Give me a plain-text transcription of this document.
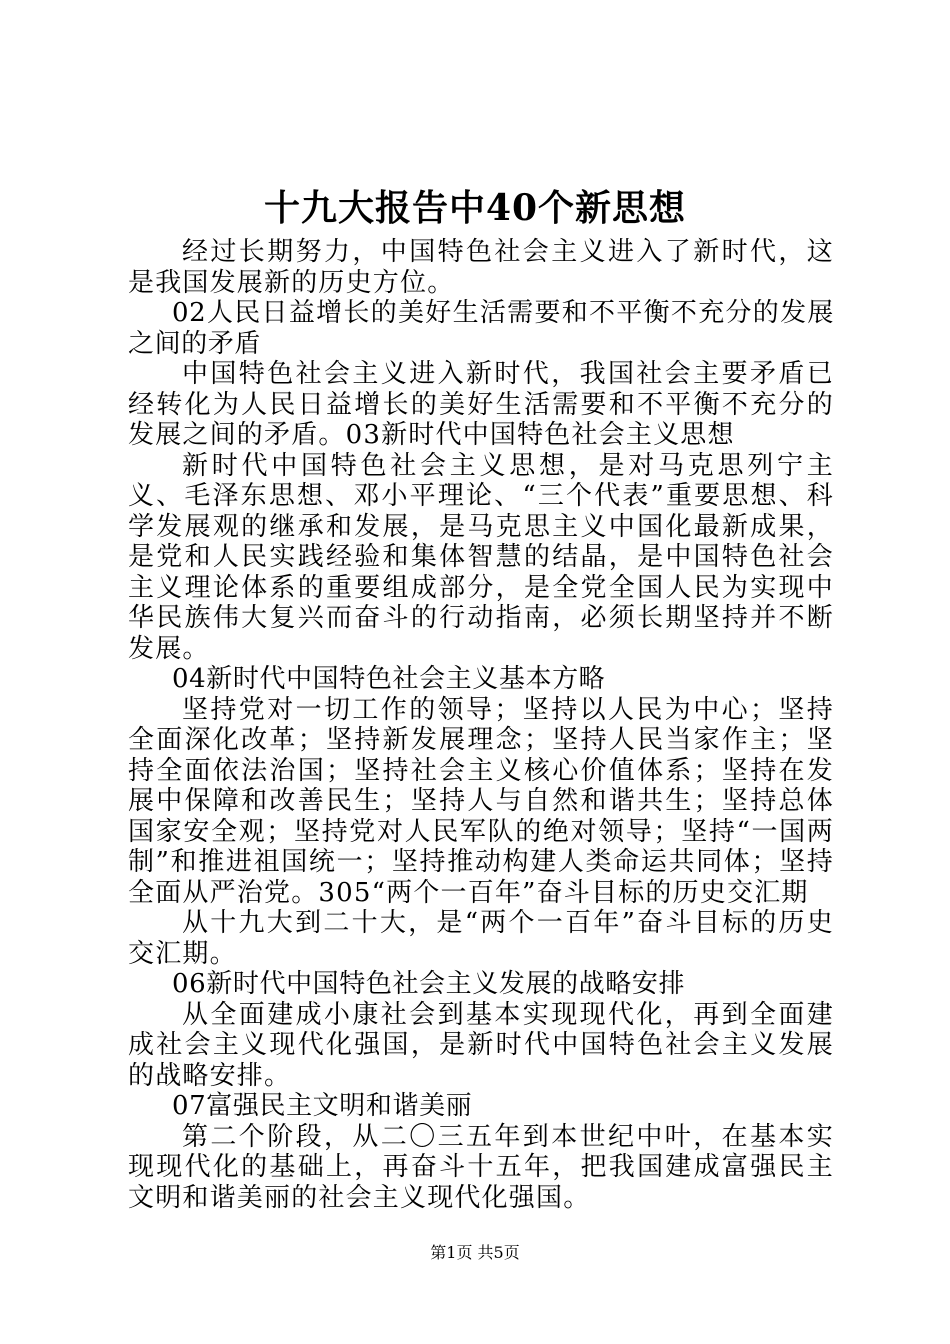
十九大报告中40个新思想

经过长期努力，中国特色社会主义进入了新时代，这是我国发展新的历史方位。

02人民日益增长的美好生活需要和不平衡不充分的发展之间的矛盾

中国特色社会主义进入新时代，我国社会主要矛盾已经转化为人民日益增长的美好生活需要和不平衡不充分的发展之间的矛盾。03新时代中国特色社会主义思想

新时代中国特色社会主义思想，是对马克思列宁主义、毛泽东思想、邓小平理论、“三个代表”重要思想、科学发展观的继承和发展，是马克思主义中国化最新成果，是党和人民实践经验和集体智慧的结晶，是中国特色社会主义理论体系的重要组成部分，是全党全国人民为实现中华民族伟大复兴而奋斗的行动指南，必须长期坚持并不断发展。

04新时代中国特色社会主义基本方略

坚持党对一切工作的领导；坚持以人民为中心；坚持全面深化改革；坚持新发展理念；坚持人民当家作主；坚持全面依法治国；坚持社会主义核心价值体系；坚持在发展中保障和改善民生；坚持人与自然和谐共生；坚持总体国家安全观；坚持党对人民军队的绝对领导；坚持“一国两制”和推进祖国统一；坚持推动构建人类命运共同体；坚持全面从严治党。305“两个一百年”奋斗目标的历史交汇期

从十九大到二十大，是“两个一百年”奋斗目标的历史交汇期。

06新时代中国特色社会主义发展的战略安排

从全面建成小康社会到基本实现现代化，再到全面建成社会主义现代化强国，是新时代中国特色社会主义发展的战略安排。

07富强民主文明和谐美丽

第二个阶段，从二〇三五年到本世纪中叶，在基本实现现代化的基础上，再奋斗十五年，把我国建成富强民主文明和谐美丽的社会主义现代化强国。

第1页 共5页
